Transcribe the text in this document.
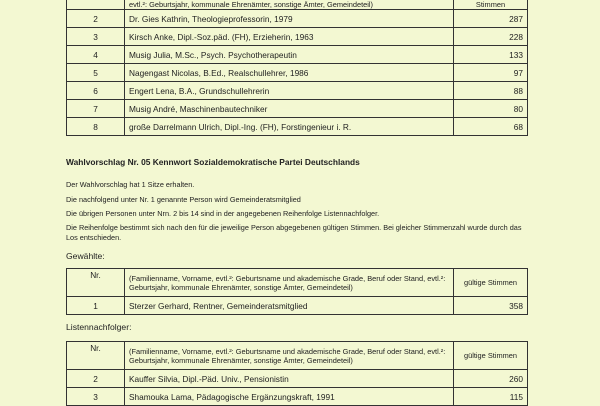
	evtl.²: Geburtsjahr, kommunale Ehrenämter, sonstige Ämter, Gemeindeteil)	Stimmen
2	Dr. Gies Kathrin, Theologieprofessorin, 1979	287
3	Kirsch Anke, Dipl.-Soz.päd. (FH), Erzieherin, 1963	228
4	Musig Julia, M.Sc., Psych. Psychotherapeutin	133
5	Nagengast Nicolas, B.Ed., Realschullehrer, 1986	97
6	Engert Lena, B.A., Grundschullehrerin	88
7	Musig André, Maschinenbautechniker	80
8	große Darrelmann Ulrich, Dipl.-Ing. (FH), Forstingenieur i. R.	68
Wahlvorschlag Nr. 05 Kennwort Sozialdemokratische Partei Deutschlands
Der Wahlvorschlag hat 1 Sitze erhalten.
Die nachfolgend unter Nr. 1 genannte Person wird Gemeinderatsmitglied
Die übrigen Personen unter Nrn. 2 bis 14 sind in der angegebenen Reihenfolge Listennachfolger.
Die Reihenfolge bestimmt sich nach den für die jeweilige Person abgegebenen gültigen Stimmen. Bei gleicher Stimmenzahl wurde durch das Los entschieden.
Gewählte:
Nr.	(Familienname, Vorname, evtl.²: Geburtsname und akademische Grade, Beruf oder Stand, evtl.²: Geburtsjahr, kommunale Ehrenämter, sonstige Ämter, Gemeindeteil)	gültige Stimmen
1	Sterzer Gerhard, Rentner, Gemeinderatsmitglied	358
Listennachfolger:
Nr.	(Familienname, Vorname, evtl.²: Geburtsname und akademische Grade, Beruf oder Stand, evtl.²: Geburtsjahr, kommunale Ehrenämter, sonstige Ämter, Gemeindeteil)	gültige Stimmen
2	Kauffer Silvia, Dipl.-Päd. Univ., Pensionistin	260
3	Shamouka Lama, Pädagogische Ergänzungskraft, 1991	115
